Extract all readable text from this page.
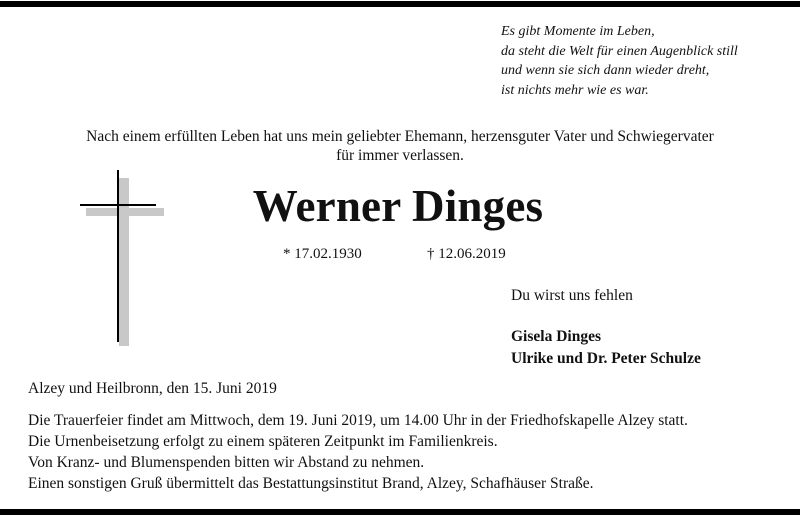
Es gibt Momente im Leben,
da steht die Welt für einen Augenblick still
und wenn sie sich dann wieder dreht,
ist nichts mehr wie es war.
Nach einem erfüllten Leben hat uns mein geliebter Ehemann, herzensguter Vater und Schwiegervater
für immer verlassen.
Werner Dinges
* 17.02.1930	† 12.06.2019
Du wirst uns fehlen
Gisela Dinges
Ulrike und Dr. Peter Schulze
Alzey und Heilbronn, den 15. Juni 2019
Die Trauerfeier findet am Mittwoch, dem 19. Juni 2019, um 14.00 Uhr in der Friedhofskapelle Alzey statt.
Die Urnenbeisetzung erfolgt zu einem späteren Zeitpunkt im Familienkreis.
Von Kranz- und Blumenspenden bitten wir Abstand zu nehmen.
Einen sonstigen Gruß übermittelt das Bestattungsinstitut Brand, Alzey, Schafhäuser Straße.
